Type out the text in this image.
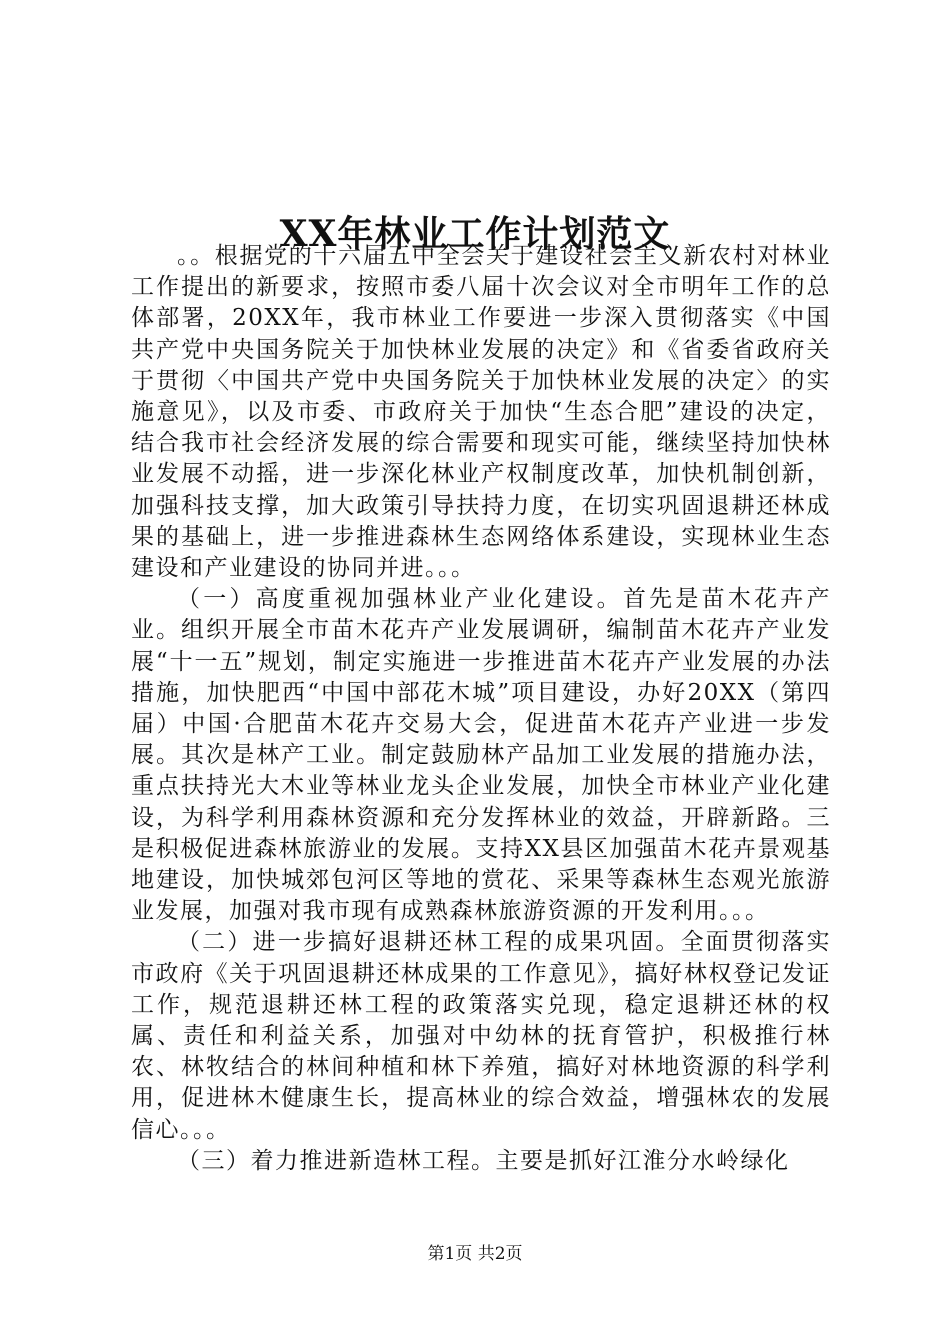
XX年林业工作计划范文

。。根据党的十六届五中全会关于建设社会主义新农村对林业工作提出的新要求，按照市委八届十次会议对全市明年工作的总体部署，20XX年，我市林业工作要进一步深入贯彻落实《中国共产党中央国务院关于加快林业发展的决定》和《省委省政府关于贯彻〈中国共产党中央国务院关于加快林业发展的决定〉的实施意见》，以及市委、市政府关于加快“生态合肥”建设的决定，结合我市社会经济发展的综合需要和现实可能，继续坚持加快林业发展不动摇，进一步深化林业产权制度改革，加快机制创新，加强科技支撑，加大政策引导扶持力度，在切实巩固退耕还林成果的基础上，进一步推进森林生态网络体系建设，实现林业生态建设和产业建设的协同并进。。。

（一）高度重视加强林业产业化建设。首先是苗木花卉产业。组织开展全市苗木花卉产业发展调研，编制苗木花卉产业发展“十一五”规划，制定实施进一步推进苗木花卉产业发展的办法措施，加快肥西“中国中部花木城”项目建设，办好20XX（第四届）中国·合肥苗木花卉交易大会，促进苗木花卉产业进一步发展。其次是林产工业。制定鼓励林产品加工业发展的措施办法，重点扶持光大木业等林业龙头企业发展，加快全市林业产业化建设，为科学利用森林资源和充分发挥林业的效益，开辟新路。三是积极促进森林旅游业的发展。支持XX县区加强苗木花卉景观基地建设，加快城郊包河区等地的赏花、采果等森林生态观光旅游业发展，加强对我市现有成熟森林旅游资源的开发利用。。。

（二）进一步搞好退耕还林工程的成果巩固。全面贯彻落实市政府《关于巩固退耕还林成果的工作意见》，搞好林权登记发证工作，规范退耕还林工程的政策落实兑现，稳定退耕还林的权属、责任和利益关系，加强对中幼林的抚育管护，积极推行林农、林牧结合的林间种植和林下养殖，搞好对林地资源的科学利用，促进林木健康生长，提高林业的综合效益，增强林农的发展信心。。。

（三）着力推进新造林工程。主要是抓好江淮分水岭绿化

第1页 共2页
